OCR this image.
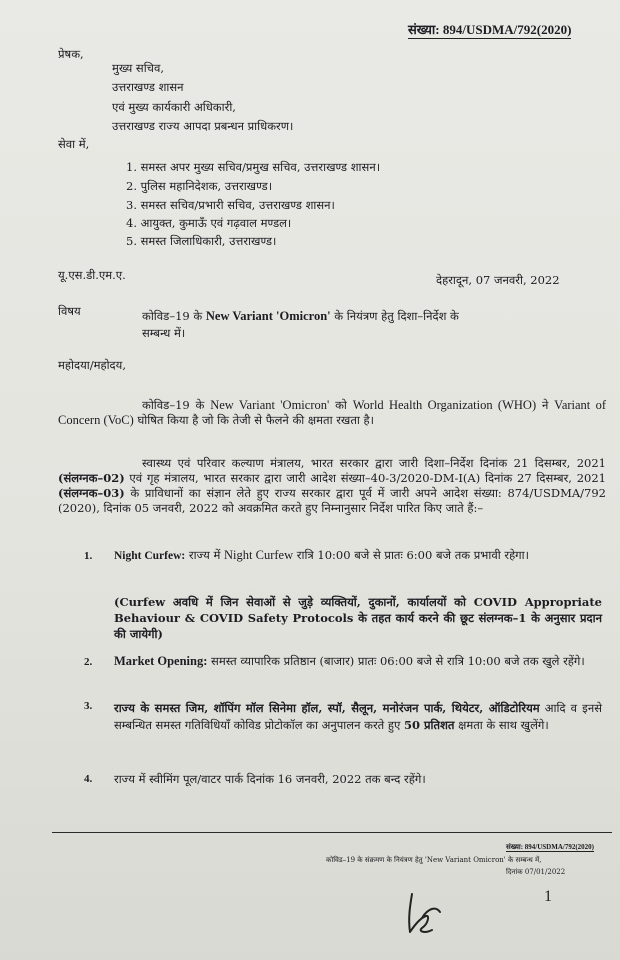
संख्या: 894/USDMA/792(2020)
प्रेषक,
मुख्य सचिव,
उत्तराखण्ड शासन
एवं मुख्य कार्यकारी अधिकारी,
उत्तराखण्ड राज्य आपदा प्रबन्धन प्राधिकरण।
सेवा में,
1. समस्त अपर मुख्य सचिव/प्रमुख सचिव, उत्तराखण्ड शासन।
2. पुलिस महानिदेशक, उत्तराखण्ड।
3. समस्त सचिव/प्रभारी सचिव, उत्तराखण्ड शासन।
4. आयुक्त, कुमाऊँ एवं गढ़वाल मण्डल।
5. समस्त जिलाधिकारी, उत्तराखण्ड।
यू.एस.डी.एम.ए.	देहरादून, 07 जनवरी, 2022
विषय	कोविड–19 के New Variant 'Omicron' के नियंत्रण हेतु दिशा–निर्देश के
सम्बन्ध में।
महोदया/महोदय,
कोविड–19 के New Variant 'Omicron' को World Health Organization (WHO) ने Variant of Concern (VoC) घोषित किया है जो कि तेजी से फैलने की क्षमता रखता है।
स्वास्थ्य एवं परिवार कल्याण मंत्रालय, भारत सरकार द्वारा जारी दिशा–निर्देश दिनांक 21 दिसम्बर, 2021 (संलग्नक–02) एवं गृह मंत्रालय, भारत सरकार द्वारा जारी आदेश संख्या–40-3/2020-DM-I(A) दिनांक 27 दिसम्बर, 2021 (संलग्नक–03) के प्राविधानों का संज्ञान लेते हुए राज्य सरकार द्वारा पूर्व में जारी अपने आदेश संख्या: 874/USDMA/792 (2020), दिनांक 05 जनवरी, 2022 को अवक्रमित करते हुए निम्नानुसार निर्देश पारित किए जाते हैं:–
1. Night Curfew: राज्य में Night Curfew रात्रि 10:00 बजे से प्रातः 6:00 बजे तक प्रभावी रहेगा।
(Curfew अवधि में जिन सेवाओं से जुड़े व्यक्तियों, दुकानों, कार्यालयों को COVID Appropriate Behaviour & COVID Safety Protocols के तहत कार्य करने की छूट संलग्नक–1 के अनुसार प्रदान की जायेगी)
2. Market Opening: समस्त व्यापारिक प्रतिष्ठान (बाजार) प्रातः 06:00 बजे से रात्रि 10:00 बजे तक खुले रहेंगे।
3. राज्य के समस्त जिम, शॉपिंग मॉल सिनेमा हॉल, स्पॉ, सैलून, मनोरंजन पार्क, थियेटर, ऑडिटोरियम आदि व इनसे सम्बन्धित समस्त गतिविधियाँ कोविड प्रोटोकॉल का अनुपालन करते हुए 50 प्रतिशत क्षमता के साथ खुलेंगे।
4. राज्य में स्वीमिंग पूल/वाटर पार्क दिनांक 16 जनवरी, 2022 तक बन्द रहेंगे।
संख्या: 894/USDMA/792(2020)
कोविड–19 के संक्रमण के नियंत्रण हेतु 'New Variant Omicron' के सम्बन्ध में,
दिनांक 07/01/2022
1
